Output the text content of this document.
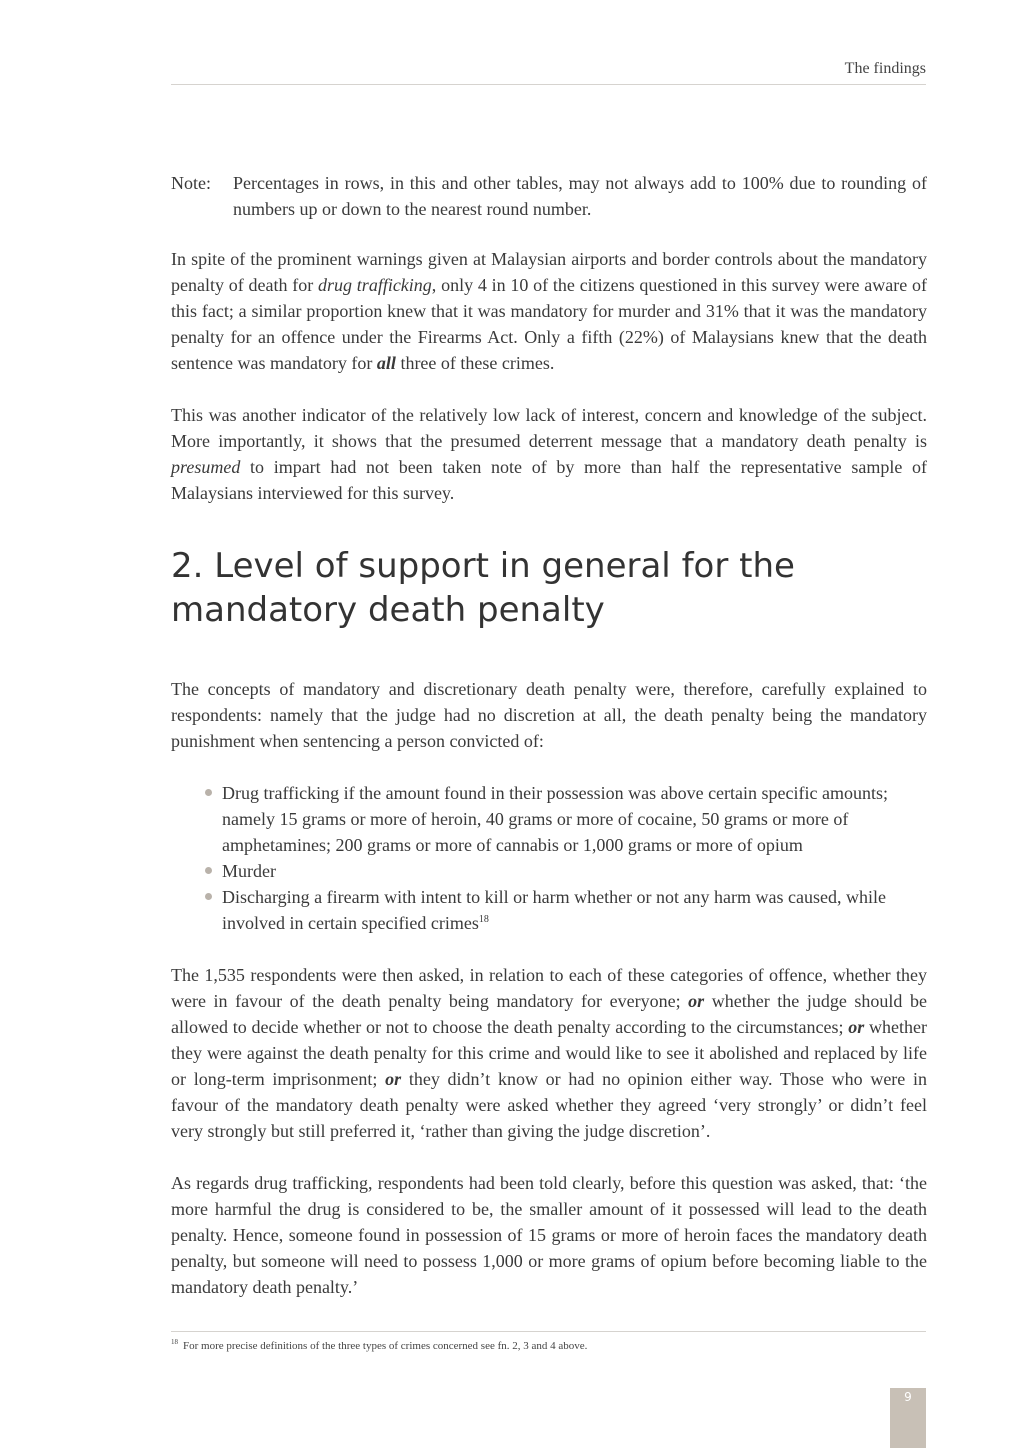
The findings
Note:	Percentages in rows, in this and other tables, may not always add to 100% due to rounding of numbers up or down to the nearest round number.

In spite of the prominent warnings given at Malaysian airports and border controls about the mandatory penalty of death for drug trafficking, only 4 in 10 of the citizens questioned in this survey were aware of this fact; a similar proportion knew that it was mandatory for murder and 31% that it was the mandatory penalty for an offence under the Firearms Act. Only a fifth (22%) of Malaysians knew that the death sentence was mandatory for all three of these crimes.

This was another indicator of the relatively low lack of interest, concern and knowledge of the subject. More importantly, it shows that the presumed deterrent message that a mandatory death penalty is presumed to impart had not been taken note of by more than half the representative sample of Malaysians interviewed for this survey.

2. Level of support in general for the
mandatory death penalty

The concepts of mandatory and discretionary death penalty were, therefore, carefully explained to respondents: namely that the judge had no discretion at all, the death penalty being the mandatory punishment when sentencing a person convicted of:

Drug trafficking if the amount found in their possession was above certain specific amounts; namely 15 grams or more of heroin, 40 grams or more of cocaine, 50 grams or more of amphetamines; 200 grams or more of cannabis or 1,000 grams or more of opium
Murder
Discharging a firearm with intent to kill or harm whether or not any harm was caused, while involved in certain specified crimes$^{18}$

The 1,535 respondents were then asked, in relation to each of these categories of offence, whether they were in favour of the death penalty being mandatory for everyone; or whether the judge should be allowed to decide whether or not to choose the death penalty according to the circumstances; or whether they were against the death penalty for this crime and would like to see it abolished and replaced by life or long-term imprisonment; or they didn’t know or had no opinion either way. Those who were in favour of the mandatory death penalty were asked whether they agreed ‘very strongly’ or didn’t feel very strongly but still preferred it, ‘rather than giving the judge discretion’.

As regards drug trafficking, respondents had been told clearly, before this question was asked, that: ‘the more harmful the drug is considered to be, the smaller amount of it possessed will lead to the death penalty. Hence, someone found in possession of 15 grams or more of heroin faces the mandatory death penalty, but someone will need to possess 1,000 or more grams of opium before becoming liable to the mandatory death penalty.’

$^{18}$ For more precise definitions of the three types of crimes concerned see fn. 2, 3 and 4 above.
9
